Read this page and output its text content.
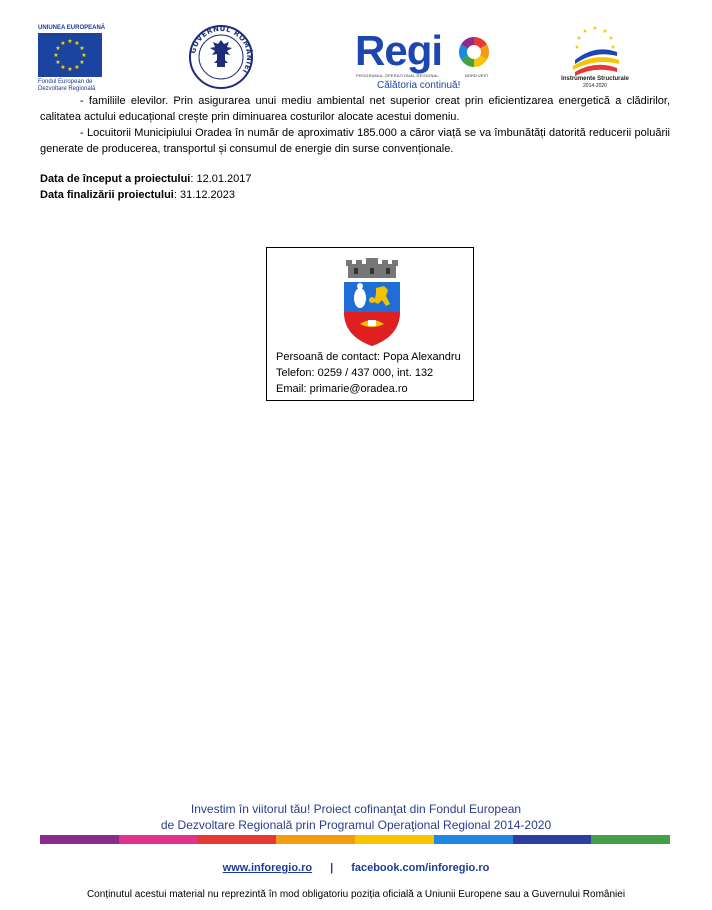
UNIUNEA EUROPEANĂ
★ ★
★
★
★
★
★
★
★
★
★
★
Fondul European de
Dezvoltare Regională
GUVERNUL ROMÂNIEI	Regi
PROGRAMUL OPERAȚIONAL REGIONAL	NORD-VEST
Călătoria continuă!
★ ★
★
★
★
★
★
Instrumente Structurale
2014-2020

- familiile elevilor. Prin asigurarea unui mediu ambiental net superior creat prin eficientizarea energetică a clădirilor, calitatea actului educațional crește prin diminuarea costurilor alocate acestui domeniu.

- Locuitorii Municipiului Oradea în număr de aproximativ 185.000 a căror viață se va îmbunătăți datorită reducerii poluării generate de producerea, transportul și consumul de energie din surse convenționale.

Data de început a proiectului: 12.01.2017
Data finalizării proiectului: 31.12.2023
Persoană de contact: Popa Alexandru
Telefon: 0259 / 437 000, int. 132
Email: primarie@oradea.ro
Investim în viitorul tău! Proiect cofinanţat din Fondul European
de Dezvoltare Regională prin Programul Operaţional Regional 2014-2020
www.inforegio.ro | facebook.com/inforegio.ro
Conținutul acestui material nu reprezintă în mod obligatoriu poziția oficială a Uniunii Europene sau a Guvernului României
